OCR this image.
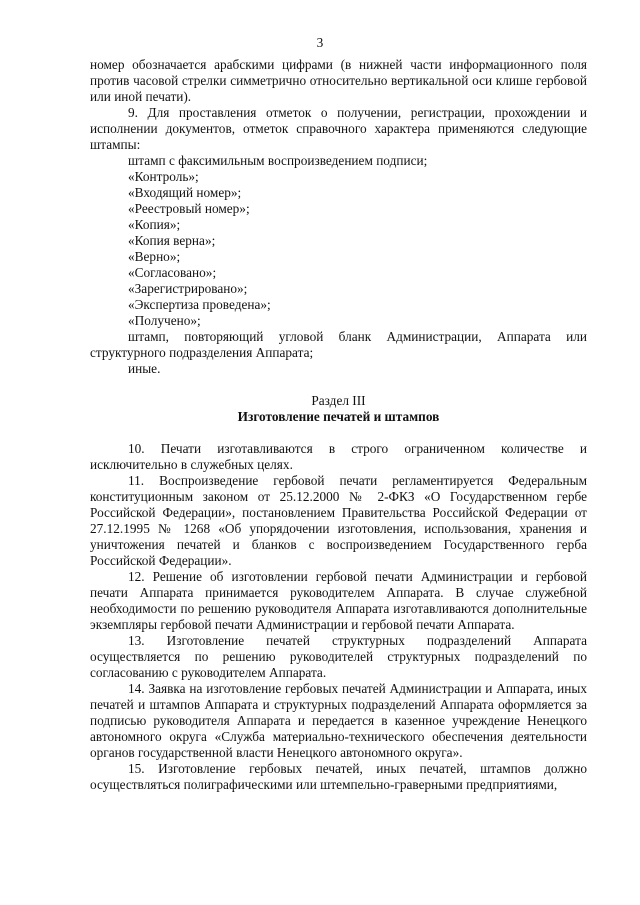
3

номер обозначается арабскими цифрами (в нижней части информационного поля против часовой стрелки симметрично относительно вертикальной оси клише гербовой или иной печати).

9. Для проставления отметок о получении, регистрации, прохождении и исполнении документов, отметок справочного характера применяются следующие штампы:

штамп с факсимильным воспроизведением подписи;

«Контроль»;

«Входящий номер»;

«Реестровый номер»;

«Копия»;

«Копия верна»;

«Верно»;

«Согласовано»;

«Зарегистрировано»;

«Экспертиза проведена»;

«Получено»;

штамп, повторяющий угловой бланк Администрации, Аппарата или структурного подразделения Аппарата;

иные.

Раздел III

Изготовление печатей и штампов

10. Печати изготавливаются в строго ограниченном количестве и исключительно в служебных целях.

11. Воспроизведение гербовой печати регламентируется Федеральным конституционным законом от 25.12.2000 № 2-ФКЗ «О Государственном гербе Российской Федерации», постановлением Правительства Российской Федерации от 27.12.1995 № 1268 «Об упорядочении изготовления, использования, хранения и уничтожения печатей и бланков с воспроизведением Государственного герба Российской Федерации».

12. Решение об изготовлении гербовой печати Администрации и гербовой печати Аппарата принимается руководителем Аппарата. В случае служебной необходимости по решению руководителя Аппарата изготавливаются дополнительные экземпляры гербовой печати Администрации и гербовой печати Аппарата.

13. Изготовление печатей структурных подразделений Аппарата осуществляется по решению руководителей структурных подразделений по согласованию с руководителем Аппарата.

14. Заявка на изготовление гербовых печатей Администрации и Аппарата, иных печатей и штампов Аппарата и структурных подразделений Аппарата оформляется за подписью руководителя Аппарата и передается в казенное учреждение Ненецкого автономного округа «Служба материально-технического обеспечения деятельности органов государственной власти Ненецкого автономного округа».

15. Изготовление гербовых печатей, иных печатей, штампов должно осуществляться полиграфическими или штемпельно-граверными предприятиями,
